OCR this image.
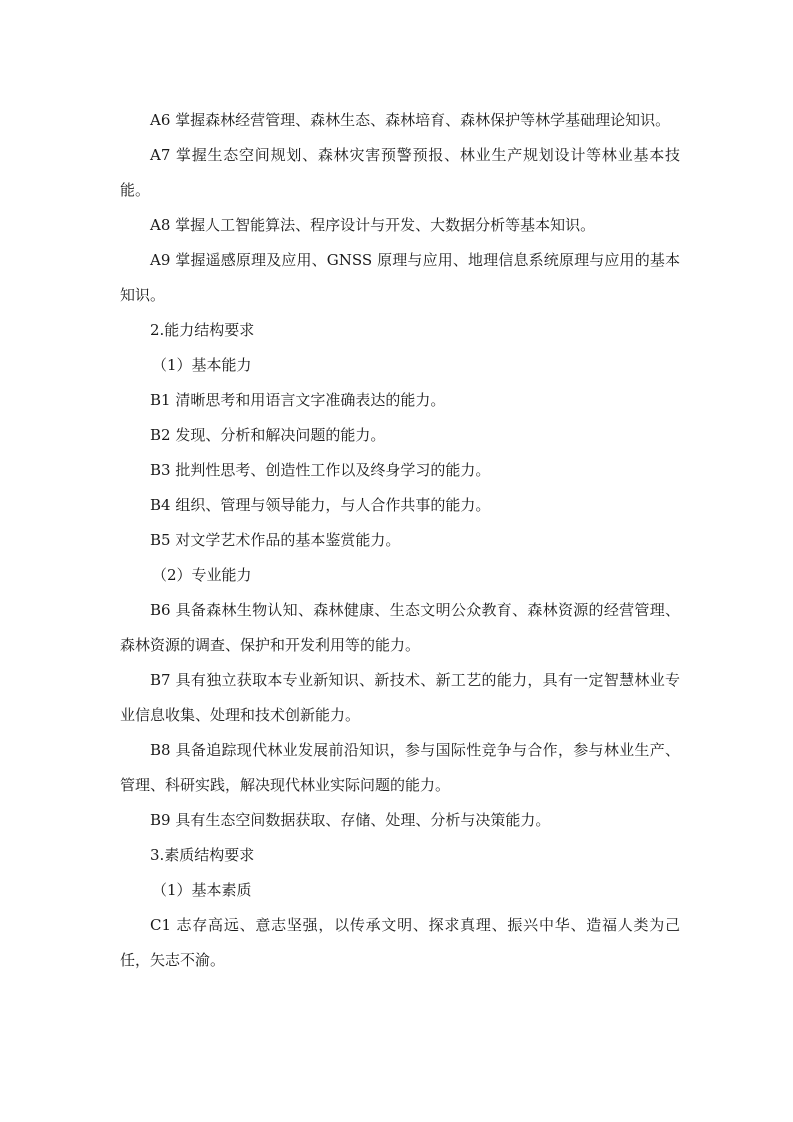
A6 掌握森林经营管理、森林生态、森林培育、森林保护等林学基础理论知识。

A7 掌握生态空间规划、森林灾害预警预报、林业生产规划设计等林业基本技能。

A8 掌握人工智能算法、程序设计与开发、大数据分析等基本知识。

A9 掌握遥感原理及应用、GNSS 原理与应用、地理信息系统原理与应用的基本知识。

2.能力结构要求

（1）基本能力

B1 清晰思考和用语言文字准确表达的能力。

B2 发现、分析和解决问题的能力。

B3 批判性思考、创造性工作以及终身学习的能力。

B4 组织、管理与领导能力，与人合作共事的能力。

B5 对文学艺术作品的基本鉴赏能力。

（2）专业能力

B6 具备森林生物认知、森林健康、生态文明公众教育、森林资源的经营管理、森林资源的调查、保护和开发利用等的能力。

B7 具有独立获取本专业新知识、新技术、新工艺的能力，具有一定智慧林业专业信息收集、处理和技术创新能力。

B8 具备追踪现代林业发展前沿知识，参与国际性竞争与合作，参与林业生产、管理、科研实践，解决现代林业实际问题的能力。

B9 具有生态空间数据获取、存储、处理、分析与决策能力。

3.素质结构要求

（1）基本素质

C1 志存高远、意志坚强，以传承文明、探求真理、振兴中华、造福人类为己任，矢志不渝。
